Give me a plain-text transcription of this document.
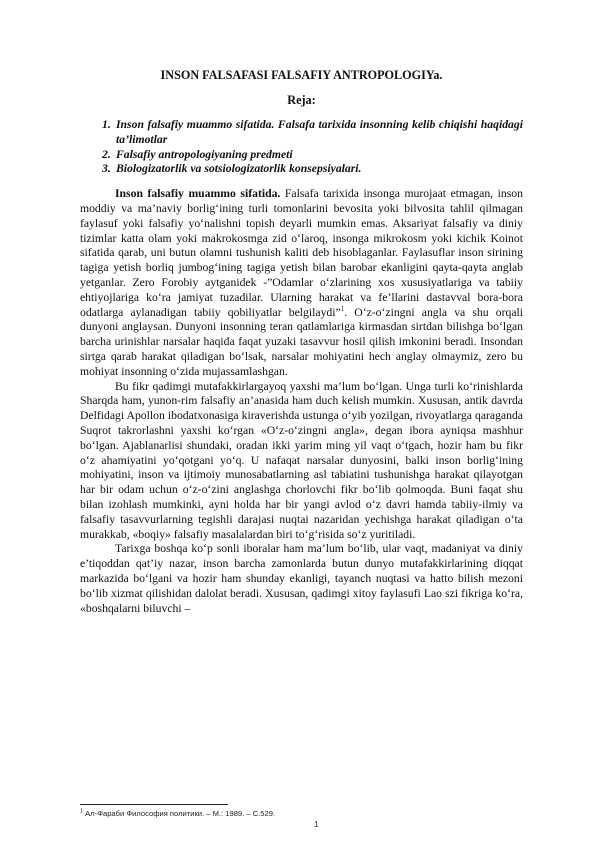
INSON FALSAFASI FALSAFIY ANTROPOLOGIYa.
Reja:
1. Inson falsafiy muammo sifatida. Falsafa tarixida insonning kelib chiqishi haqidagi ta’limotlar
2. Falsafiy antropologiyaning predmeti
3. Biologizatorlik va sotsiologizatorlik konsepsiyalari.

Inson falsafiy muammo sifatida. Falsafa tarixida insonga murojaat etmagan, inson moddiy va ma’naviy borlig‘ining turli tomonlarini bevosita yoki bilvosita tahlil qilmagan faylasuf yoki falsafiy yo‘nalishni topish deyarli mumkin emas. Aksariyat falsafiy va diniy tizimlar katta olam yoki makrokosmga zid o‘laroq, insonga mikrokosm yoki kichik Koinot sifatida qarab, uni butun olamni tushunish kaliti deb hisoblaganlar. Faylasuflar inson sirining tagiga yetish borliq jumbog‘ining tagiga yetish bilan barobar ekanligini qayta-qayta anglab yetganlar. Zero Forobiy aytganidek -”Odamlar o‘zlarining xos xususiyatlariga va tabiiy ehtiyojlariga ko‘ra jamiyat tuzadilar. Ularning harakat va fe’llarini dastavval bora-bora odatlarga aylanadigan tabiiy qobiliyatlar belgilaydi”$^1$. O‘z-o‘zingni angla va shu orqali dunyoni anglaysan. Dunyoni insonning teran qatlamlariga kirmasdan sirtdan bilishga bo‘lgan barcha urinishlar narsalar haqida faqat yuzaki tasavvur hosil qilish imkonini beradi. Insondan sirtga qarab harakat qiladigan bo‘lsak, narsalar mohiyatini hech anglay olmaymiz, zero bu mohiyat insonning o‘zida mujassamlashgan.

Bu fikr qadimgi mutafakkirlargayoq yaxshi ma’lum bo‘lgan. Unga turli ko‘rinishlarda Sharqda ham, yunon-rim falsafiy an’anasida ham duch kelish mumkin. Xususan, antik davrda Delfidagi Apollon ibodatxonasiga kiraverishda ustunga o‘yib yozilgan, rivoyatlarga qaraganda Suqrot takrorlashni yaxshi ko‘rgan «O‘z-o‘zingni angla», degan ibora ayniqsa mashhur bo‘lgan. Ajablanarlisi shundaki, oradan ikki yarim ming yil vaqt o‘tgach, hozir ham bu fikr o‘z ahamiyatini yo‘qotgani yo‘q. U nafaqat narsalar dunyosini, balki inson borlig‘ining mohiyatini, inson va ijtimoiy munosabatlarning asl tabiatini tushunishga harakat qilayotgan har bir odam uchun o‘z-o‘zini anglashga chorlovchi fikr bo‘lib qolmoqda. Buni faqat shu bilan izohlash mumkinki, ayni holda har bir yangi avlod o‘z davri hamda tabiiy-ilmiy va falsafiy tasavvurlarning tegishli darajasi nuqtai nazaridan yechishga harakat qiladigan o‘ta murakkab, «boqiy» falsafiy masalalardan biri to‘g‘risida so‘z yuritiladi.

Tarixga boshqa ko‘p sonli iboralar ham ma’lum bo‘lib, ular vaqt, madaniyat va diniy e’tiqoddan qat’iy nazar, inson barcha zamonlarda butun dunyo mutafakkirlarining diqqat markazida bo‘lgani va hozir ham shunday ekanligi, tayanch nuqtasi va hatto bilish mezoni bo‘lib xizmat qilishidan dalolat beradi. Xususan, qadimgi xitoy faylasufi Lao szi fikriga ko‘ra, «boshqalarni biluvchi –

$^1$ Ал-Фараби Философия политики. – М.: 1989. – С.529.
1
